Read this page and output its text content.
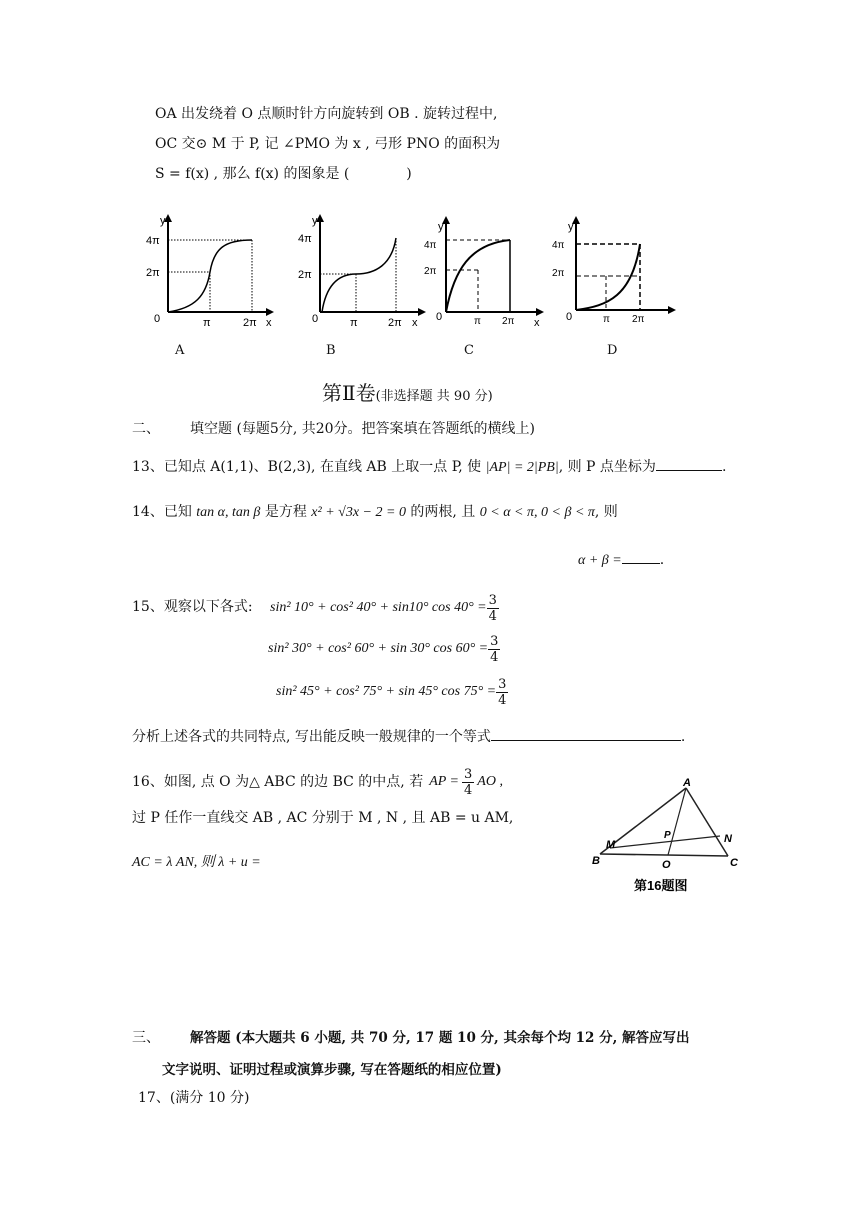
OA 出发绕着 O 点顺时针方向旋转到 OB . 旋转过程中,
OC 交⊙ M 于 P, 记 ∠PMO 为 x , 弓形 PNO 的面积为
S = f(x) , 那么 f(x) 的图象是 (	)
y
x
4π
2π
0	π	2π
y
x
4π
2π
0	π	2π
y
x
4π
2π
0	π 2π
y
0
4π
2π
π 2π
A	B	C	D
第Ⅱ卷(非选择题 共 90 分)
二、 填空题 (每题5分, 共20分。把答案填在答题纸的横线上)
13、已知点 A(1,1)、B(2,3), 在直线 AB 上取一点 P, 使 |AP| = 2|PB|, 则 P 点坐标为	.
14、已知 tan α, tan β 是方程 x² + √3x − 2 = 0 的两根, 且 0 < α < π, 0 < β < π, 则
α + β =	.
15、观察以下各式: sin² 10° + cos² 40° + sin10° $\cos 40^\circ = \frac{3}{4}$
sin² 30° + cos² 60° + sin 30° $\cos 60^\circ = \frac{3}{4}$
sin² 45° + cos² 75° + sin 45° $\cos 75^\circ = \frac{3}{4}$
分析上述各式的共同特点, 写出能反映一般规律的一个等式	.
16、如图, 点 O 为△ ABC 的边 BC 的中点, 若 AP = $\frac{3}{4}$ AO ,
过 P 任作一直线交 AB , AC 分别于 M , N , 且 AB = u AM,
AC = λ AN, 则 λ + u =
A
B	C
M	N
P
O
第16题图
三、 解答题 (本大题共 6 小题, 共 70 分, 17 题 10 分, 其余每个均 12 分, 解答应写出
文字说明、证明过程或演算步骤, 写在答题纸的相应位置)
17、(满分 10 分)
